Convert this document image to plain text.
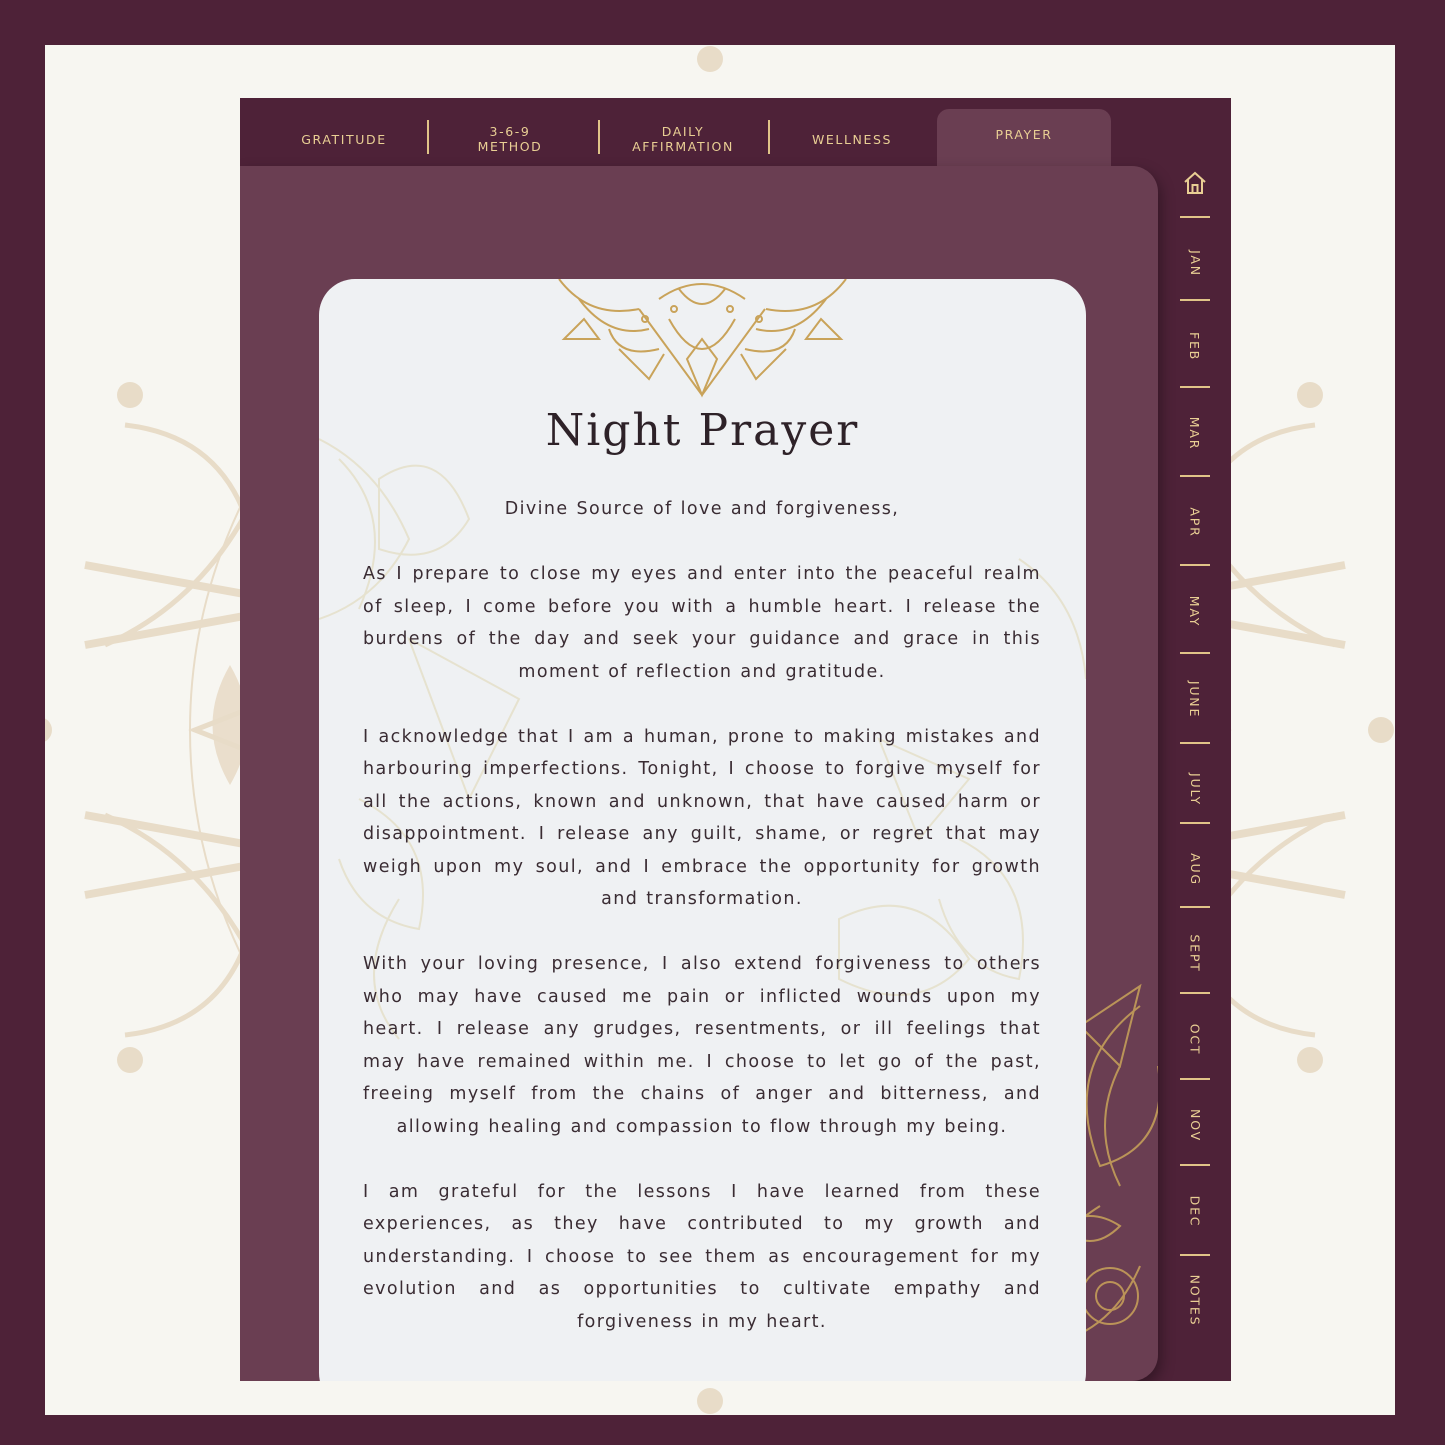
GRATITUDE	3-6-9
METHOD
DAILY
AFFIRMATION	WELLNESS	PRAYER
Night Prayer

Divine Source of love and forgiveness,

As I prepare to close my eyes and enter into the peaceful realm of sleep, I come before you with a humble heart. I release the burdens of the day and seek your guidance and grace in this moment of reflection and gratitude.

I acknowledge that I am a human, prone to making mistakes and harbouring imperfections. Tonight, I choose to forgive myself for all the actions, known and unknown, that have caused harm or disappointment. I release any guilt, shame, or regret that may weigh upon my soul, and I embrace the opportunity for growth and transformation.

With your loving presence, I also extend forgiveness to others who may have caused me pain or inflicted wounds upon my heart. I release any grudges, resentments, or ill feelings that may have remained within me. I choose to let go of the past, freeing myself from the chains of anger and bitterness, and allowing healing and compassion to flow through my being.

I am grateful for the lessons I have learned from these experiences, as they have contributed to my growth and understanding. I choose to see them as encouragement for my evolution and as opportunities to cultivate empathy and forgiveness in my heart.

JAN
FEB
MAR
APR
MAY
JUNE
JULY
AUG
SEPT
OCT
NOV
DEC
NOTES
